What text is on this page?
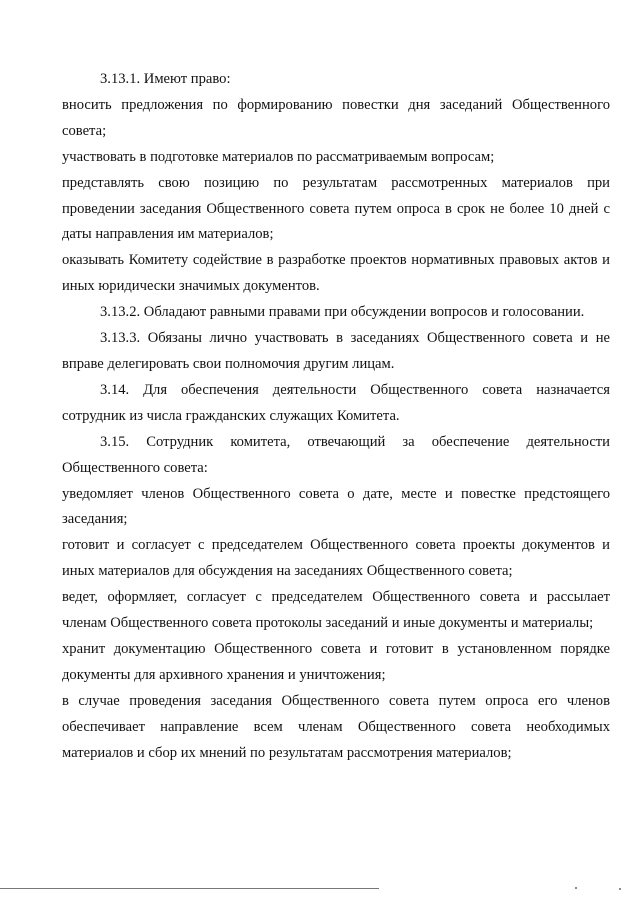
3.13.1. Имеют право:

вносить предложения по формированию повестки дня заседаний Общественного совета;

участвовать в подготовке материалов по рассматриваемым вопросам;

представлять свою позицию по результатам рассмотренных материалов при проведении заседания Общественного совета путем опроса в срок не более 10 дней с даты направления им материалов;

оказывать Комитету содействие в разработке проектов нормативных правовых актов и иных юридически значимых документов.

3.13.2. Обладают равными правами при обсуждении вопросов и голосовании.

3.13.3. Обязаны лично участвовать в заседаниях Общественного совета и не вправе делегировать свои полномочия другим лицам.

3.14. Для обеспечения деятельности Общественного совета назначается сотрудник из числа гражданских служащих Комитета.

3.15. Сотрудник комитета, отвечающий за обеспечение деятельности Общественного совета:

уведомляет членов Общественного совета о дате, месте и повестке предстоящего заседания;

готовит и согласует с председателем Общественного совета проекты документов и иных материалов для обсуждения на заседаниях Общественного совета;

ведет, оформляет, согласует с председателем Общественного совета и рассылает членам Общественного совета протоколы заседаний и иные документы и материалы;

хранит документацию Общественного совета и готовит в установленном порядке документы для архивного хранения и уничтожения;

в случае проведения заседания Общественного совета путем опроса его членов обеспечивает направление всем членам Общественного совета необходимых материалов и сбор их мнений по результатам рассмотрения материалов;
